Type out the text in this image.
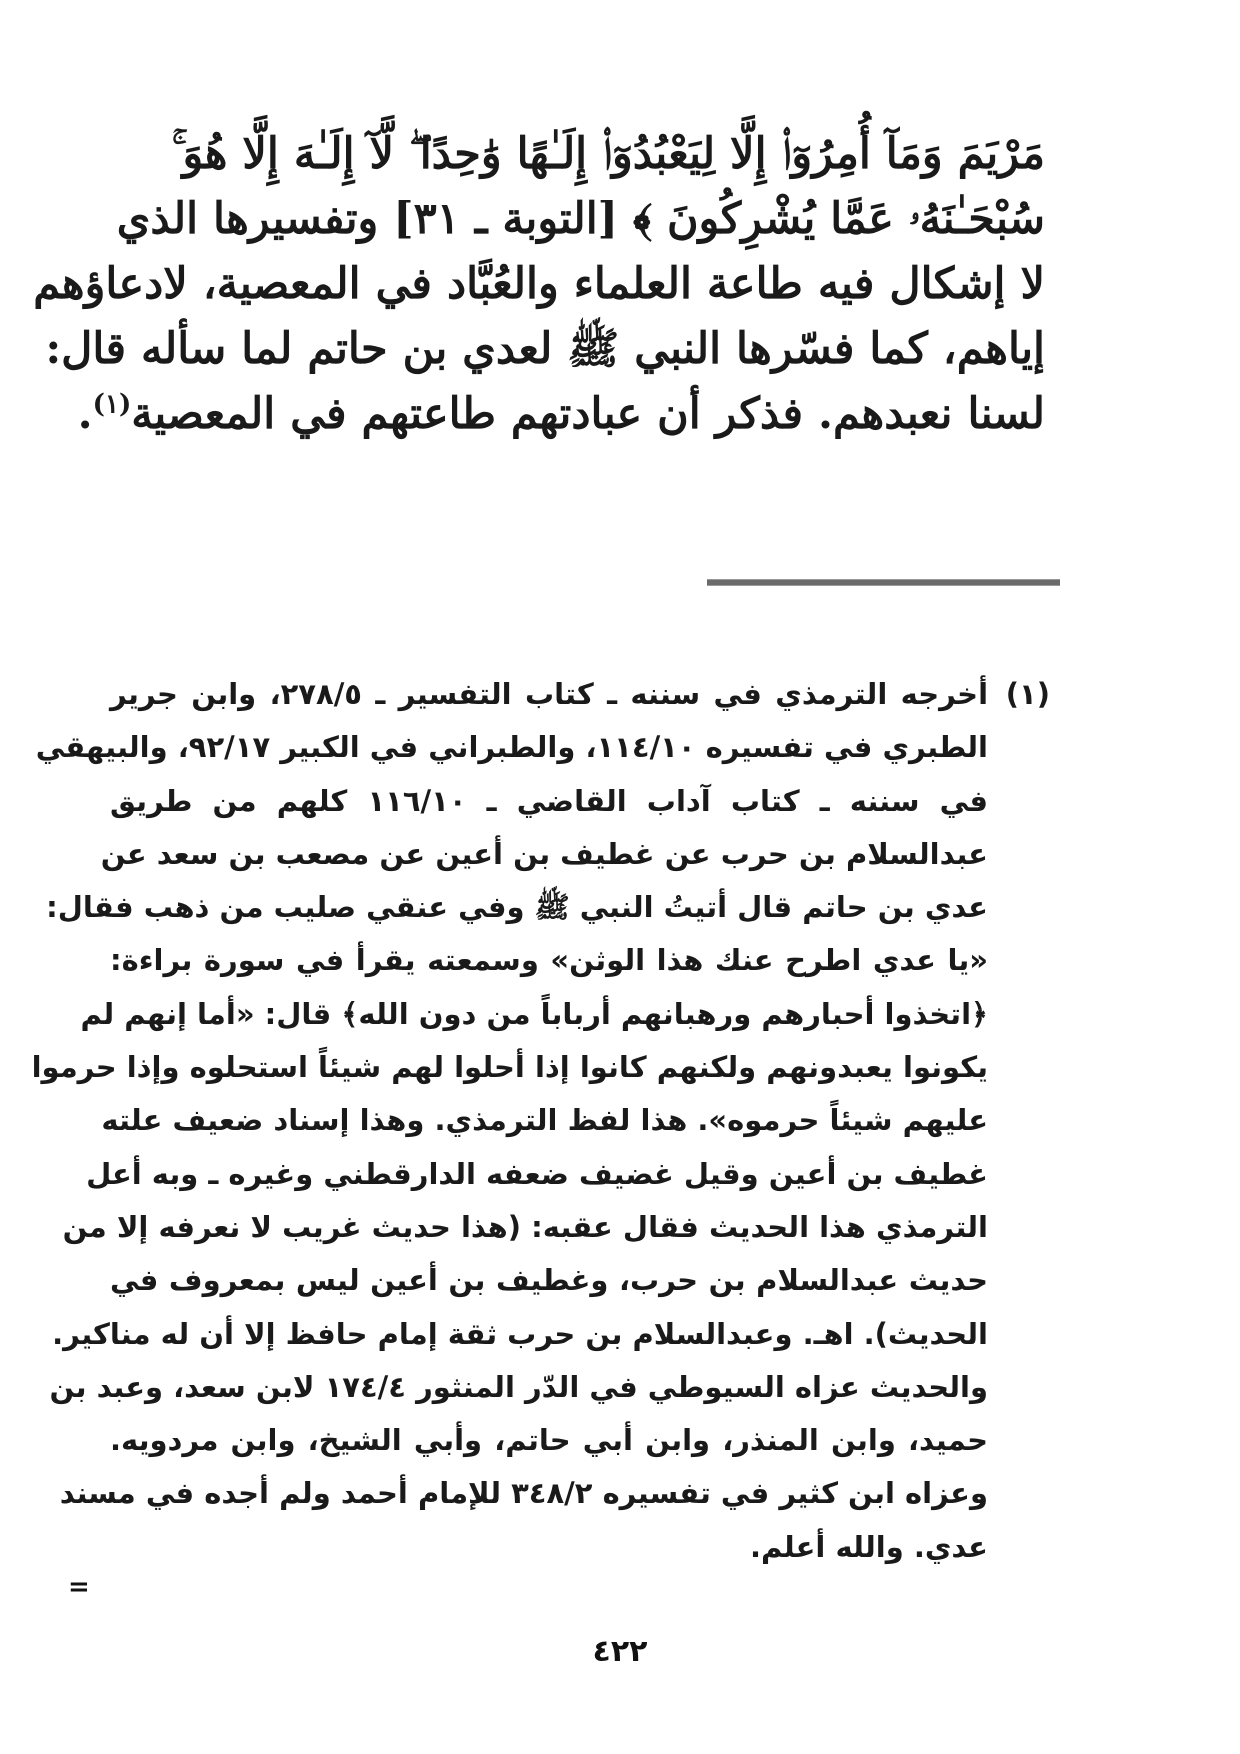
مَرْيَمَ وَمَآ أُمِرُوٓا۟ إِلَّا لِيَعْبُدُوٓا۟ إِلَـٰهًا وَٰحِدًا ۖ لَّآ إِلَـٰهَ إِلَّا هُوَ ۚ
سُبْحَـٰنَهُۥ عَمَّا يُشْرِكُونَ ﴾ [التوبة ـ ٣١] وتفسيرها الذي
لا إشكال فيه طاعة العلماء والعُبَّاد في المعصية، لادعاؤهم
إياهم، كما فسّرها النبي ﷺ لعدي بن حاتم لما سأله قال:
لسنا نعبدهم. فذكر أن عبادتهم طاعتهم في المعصية$^{(١)}$.
(١)
أخرجه الترمذي في سننه ـ كتاب التفسير ـ ٢٧٨/٥، وابن جرير
الطبري في تفسيره ١١٤/١٠، والطبراني في الكبير ٩٢/١٧، والبيهقي
في سننه ـ كتاب آداب القاضي ـ ١١٦/١٠ كلهم من طريق
عبدالسلام بن حرب عن غطيف بن أعين عن مصعب بن سعد عن
عدي بن حاتم قال أتيتُ النبي ﷺ وفي عنقي صليب من ذهب فقال:
«يا عدي اطرح عنك هذا الوثن» وسمعته يقرأ في سورة براءة:
﴿اتخذوا أحبارهم ورهبانهم أرباباً من دون الله﴾ قال: «أما إنهم لم
يكونوا يعبدونهم ولكنهم كانوا إذا أحلوا لهم شيئاً استحلوه وإذا حرموا
عليهم شيئاً حرموه». هذا لفظ الترمذي. وهذا إسناد ضعيف علته
غطيف بن أعين وقيل غضيف ضعفه الدارقطني وغيره ـ وبه أعل
الترمذي هذا الحديث فقال عقبه: (هذا حديث غريب لا نعرفه إلا من
حديث عبدالسلام بن حرب، وغطيف بن أعين ليس بمعروف في
الحديث). اهـ. وعبدالسلام بن حرب ثقة إمام حافظ إلا أن له مناكير.
والحديث عزاه السيوطي في الدّر المنثور ١٧٤/٤ لابن سعد، وعبد بن
حميد، وابن المنذر، وابن أبي حاتم، وأبي الشيخ، وابن مردويه.
وعزاه ابن كثير في تفسيره ٣٤٨/٢ للإمام أحمد ولم أجده في مسند
عدي. والله أعلم.
=
٤٢٢
